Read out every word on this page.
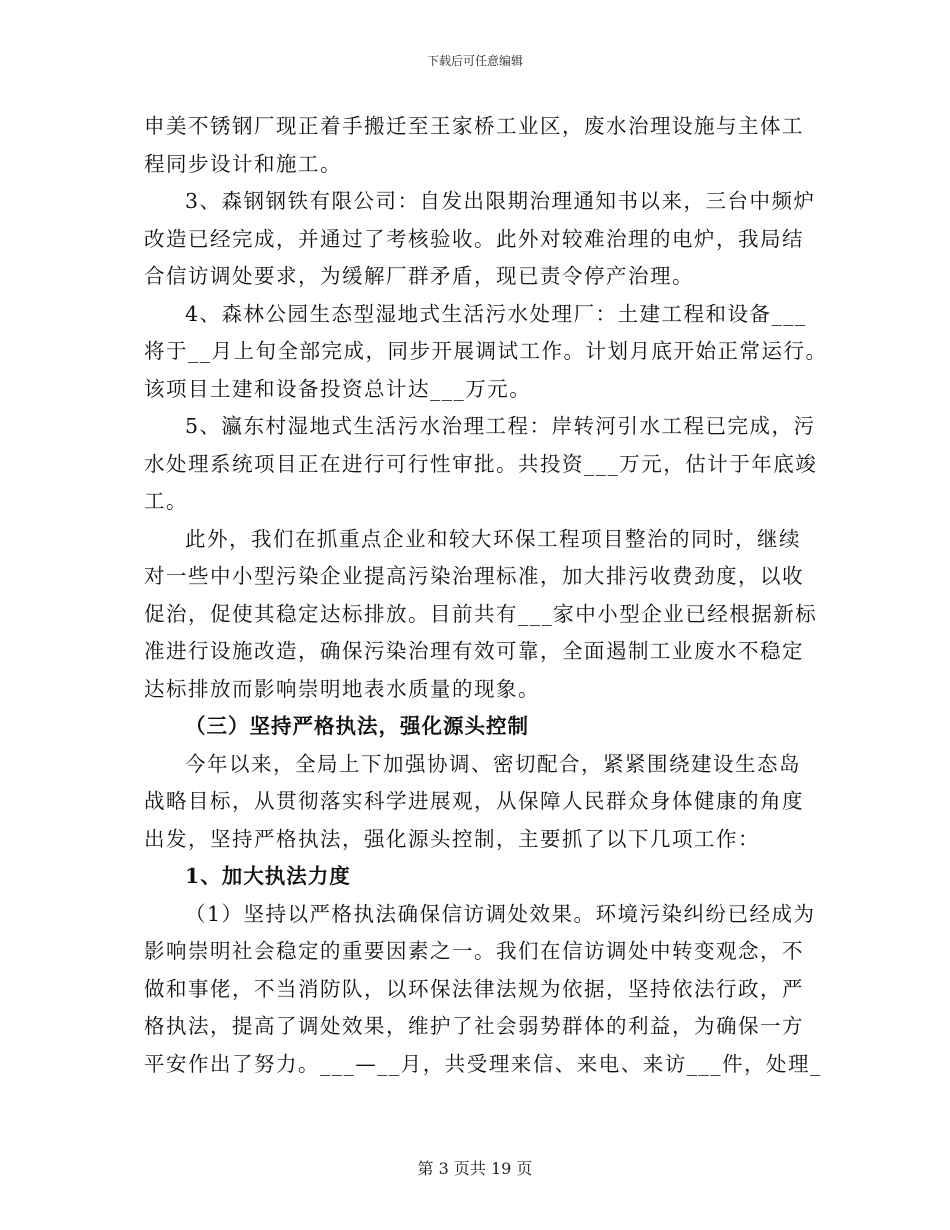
下载后可任意编辑
申美不锈钢厂现正着手搬迁至王家桥工业区，废水治理设施与主体工
程同步设计和施工。
3、森钢钢铁有限公司：自发出限期治理通知书以来，三台中频炉
改造已经完成，并通过了考核验收。此外对较难治理的电炉，我局结
合信访调处要求，为缓解厂群矛盾，现已责令停产治理。
4、森林公园生态型湿地式生活污水处理厂：土建工程和设备___
将于__月上旬全部完成，同步开展调试工作。计划月底开始正常运行。
该项目土建和设备投资总计达___万元。
5、瀛东村湿地式生活污水治理工程：岸转河引水工程已完成，污
水处理系统项目正在进行可行性审批。共投资___万元，估计于年底竣
工。
此外，我们在抓重点企业和较大环保工程项目整治的同时，继续
对一些中小型污染企业提高污染治理标准，加大排污收费劲度，以收
促治，促使其稳定达标排放。目前共有___家中小型企业已经根据新标
准进行设施改造，确保污染治理有效可靠，全面遏制工业废水不稳定
达标排放而影响崇明地表水质量的现象。
（三）坚持严格执法，强化源头控制
今年以来，全局上下加强协调、密切配合，紧紧围绕建设生态岛
战略目标，从贯彻落实科学进展观，从保障人民群众身体健康的角度
出发，坚持严格执法，强化源头控制，主要抓了以下几项工作：
1、加大执法力度
（1）坚持以严格执法确保信访调处效果。环境污染纠纷已经成为
影响崇明社会稳定的重要因素之一。我们在信访调处中转变观念，不
做和事佬，不当消防队，以环保法律法规为依据，坚持依法行政，严
格执法，提高了调处效果，维护了社会弱势群体的利益，为确保一方
平安作出了努力。___—__月，共受理来信、来电、来访___件，处理_
第 3 页共 19 页
